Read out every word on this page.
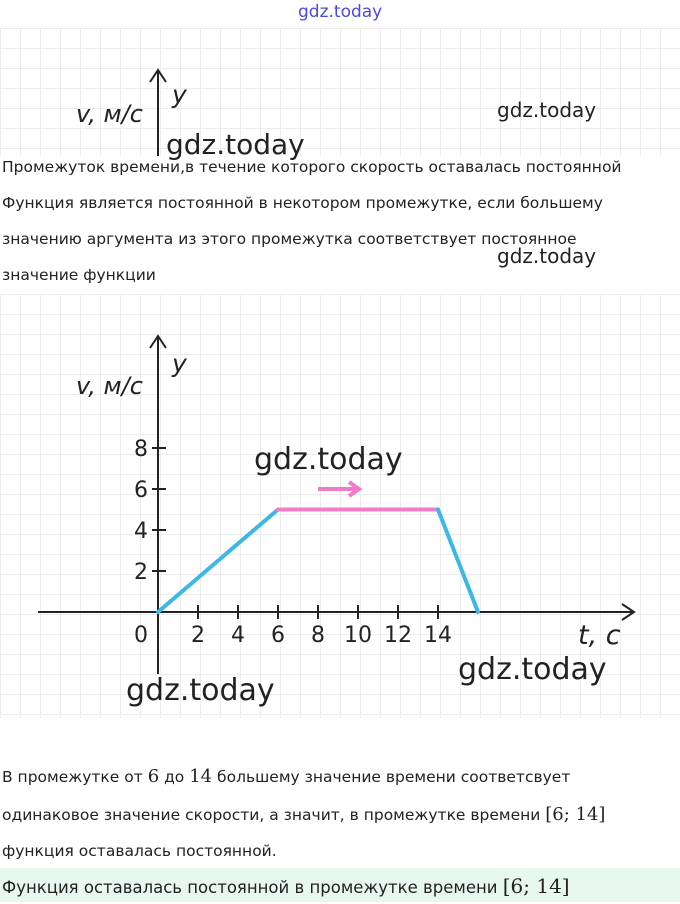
gdz.today
v, м/с
y
gdz.today
gdz.today
Промежуток времени,в течение которого скорость оставалась постоянной
Функция является постоянной в некотором промежутке, если большему
значению аргумента из этого промежутка соответствует постоянное
значение функции
gdz.today
2 4 6 8 10 12 14
2
4
6
8
0
v, м/с
y
t, с
gdz.today
gdz.today
gdz.today
В промежутке от 6 до 14 большему значение времени соответсвует
одинаковое значение скорости, а значит, в промежутке времени [6; 14]
функция оставалась постоянной.
Функция оставалась постоянной в промежутке времени [6; 14]
